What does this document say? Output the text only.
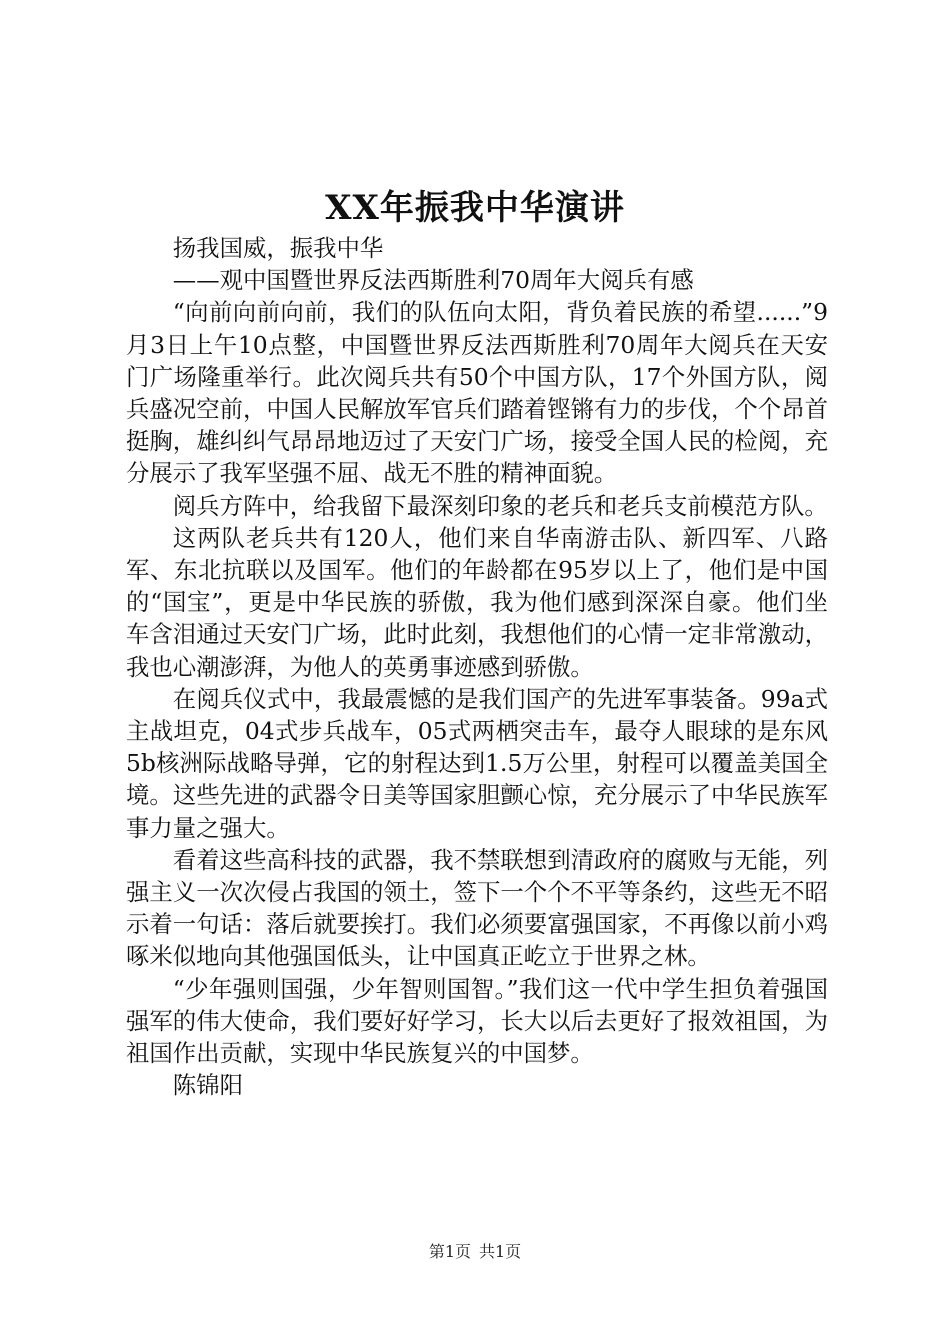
XX年振我中华演讲

扬我国威，振我中华

——观中国暨世界反法西斯胜利70周年大阅兵有感

“向前向前向前，我们的队伍向太阳，背负着民族的希望......”9月3日上午10点整，中国暨世界反法西斯胜利70周年大阅兵在天安门广场隆重举行。此次阅兵共有50个中国方队，17个外国方队，阅兵盛况空前，中国人民解放军官兵们踏着铿锵有力的步伐，个个昂首挺胸，雄纠纠气昂昂地迈过了天安门广场，接受全国人民的检阅，充分展示了我军坚强不屈、战无不胜的精神面貌。

阅兵方阵中，给我留下最深刻印象的老兵和老兵支前模范方队。

这两队老兵共有120人，他们来自华南游击队、新四军、八路军、东北抗联以及国军。他们的年龄都在95岁以上了，他们是中国的“国宝”，更是中华民族的骄傲，我为他们感到深深自豪。他们坐车含泪通过天安门广场，此时此刻，我想他们的心情一定非常激动，我也心潮澎湃，为他人的英勇事迹感到骄傲。

在阅兵仪式中，我最震憾的是我们国产的先进军事装备。99a式主战坦克，04式步兵战车，05式两栖突击车，最夺人眼球的是东风5b核洲际战略导弹，它的射程达到1.5万公里，射程可以覆盖美国全境。这些先进的武器令日美等国家胆颤心惊，充分展示了中华民族军事力量之强大。

看着这些高科技的武器，我不禁联想到清政府的腐败与无能，列强主义一次次侵占我国的领土，签下一个个不平等条约，这些无不昭示着一句话：落后就要挨打。我们必须要富强国家，不再像以前小鸡啄米似地向其他强国低头，让中国真正屹立于世界之林。

“少年强则国强，少年智则国智。”我们这一代中学生担负着强国强军的伟大使命，我们要好好学习，长大以后去更好了报效祖国，为祖国作出贡献，实现中华民族复兴的中国梦。

陈锦阳

第1页 共1页
